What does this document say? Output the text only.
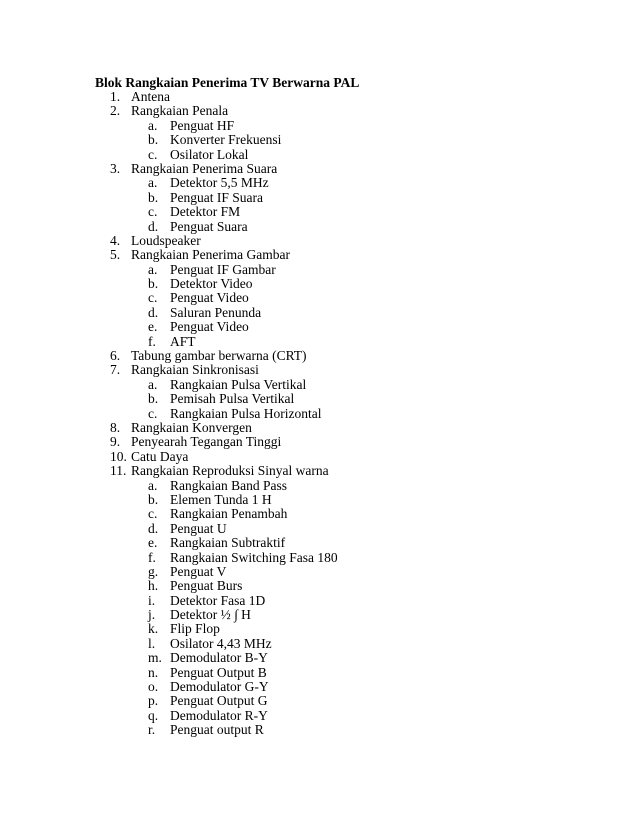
Blok Rangkaian Penerima TV Berwarna PAL
1. Antena
2. Rangkaian Penala
a. Penguat HF
b. Konverter Frekuensi
c. Osilator Lokal
3. Rangkaian Penerima Suara
a. Detektor 5,5 MHz
b. Penguat IF Suara
c. Detektor FM
d. Penguat Suara
4. Loudspeaker
5. Rangkaian Penerima Gambar
a. Penguat IF Gambar
b. Detektor Video
c. Penguat Video
d. Saluran Penunda
e. Penguat Video
f. AFT
6. Tabung gambar berwarna (CRT)
7. Rangkaian Sinkronisasi
a. Rangkaian Pulsa Vertikal
b. Pemisah Pulsa Vertikal
c. Rangkaian Pulsa Horizontal
8. Rangkaian Konvergen
9. Penyearah Tegangan Tinggi
10. Catu Daya
11. Rangkaian Reproduksi Sinyal warna
a. Rangkaian Band Pass
b. Elemen Tunda 1 H
c. Rangkaian Penambah
d. Penguat U
e. Rangkaian Subtraktif
f. Rangkaian Switching Fasa 180
g. Penguat V
h. Penguat Burs
i. Detektor Fasa 1D
j. Detektor ½ ∫ H
k. Flip Flop
l. Osilator 4,43 MHz
m. Demodulator B-Y
n. Penguat Output B
o. Demodulator G-Y
p. Penguat Output G
q. Demodulator R-Y
r. Penguat output R
